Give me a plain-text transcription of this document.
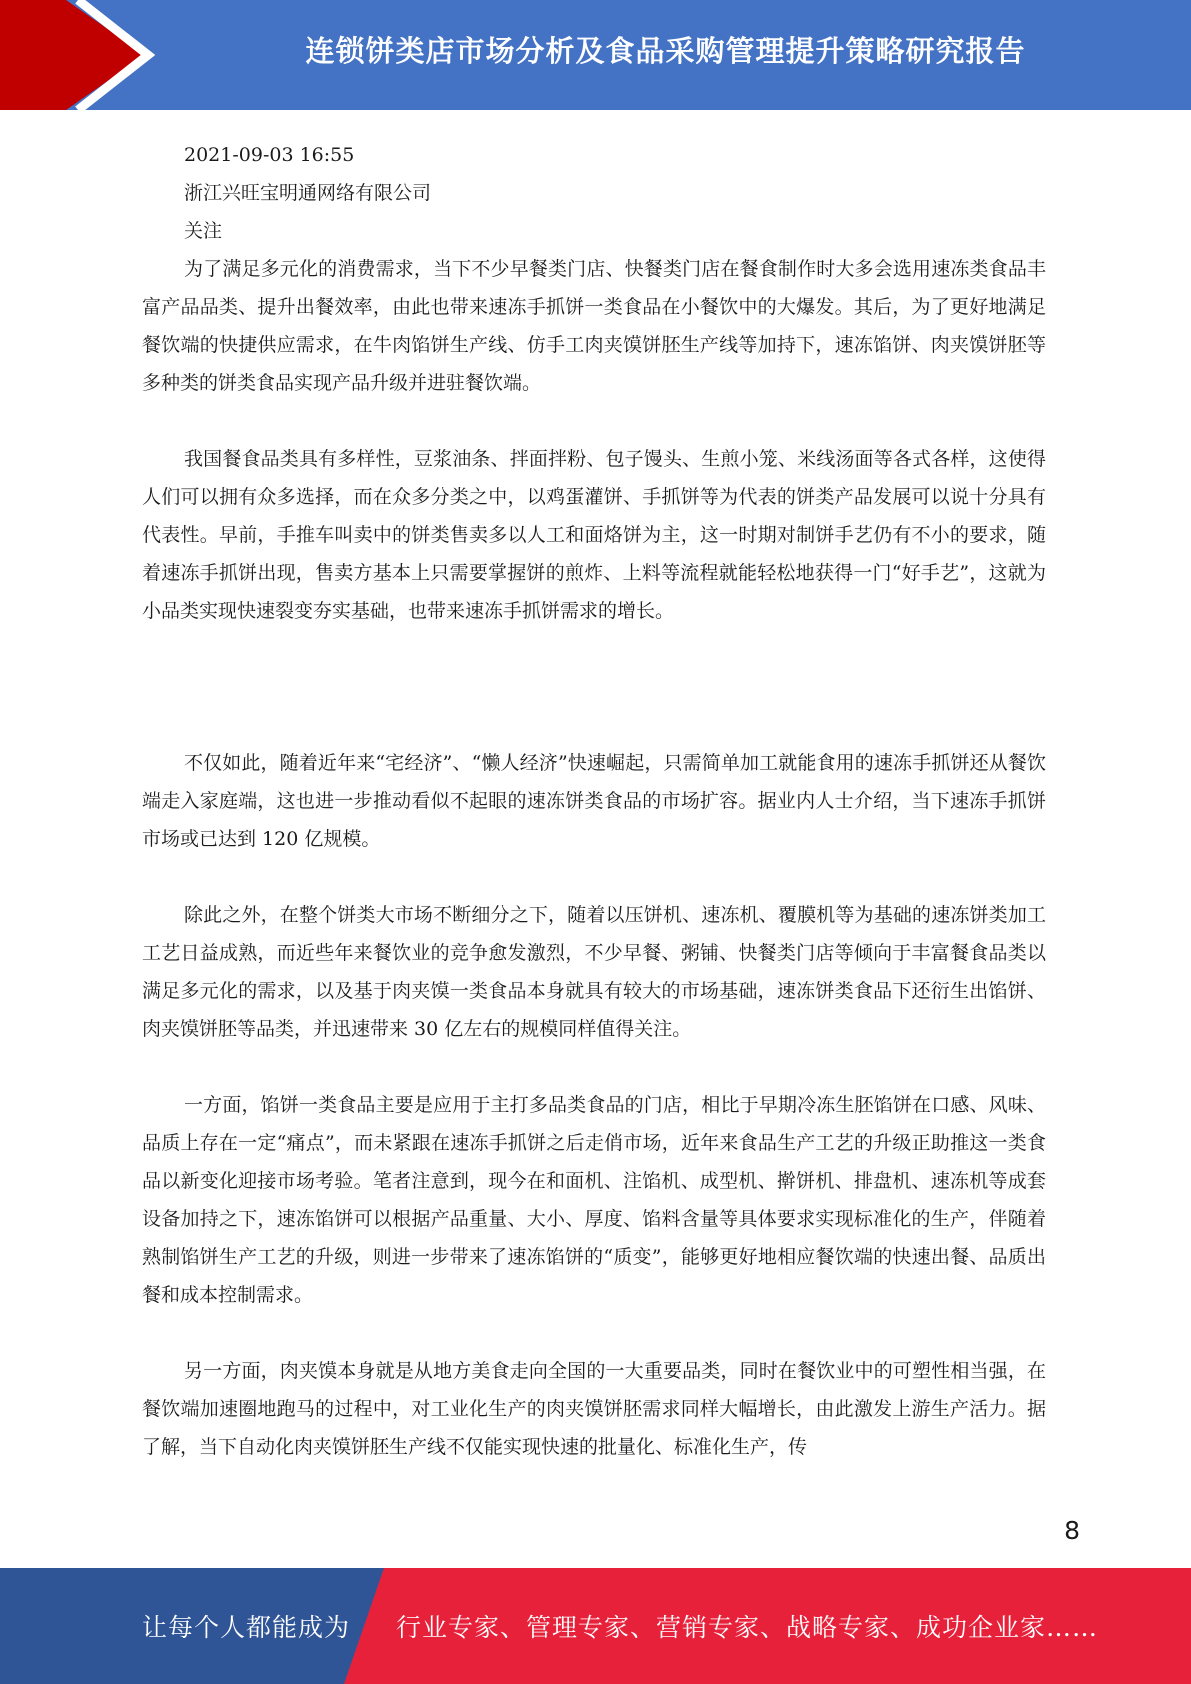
连锁饼类店市场分析及食品采购管理提升策略研究报告
2021-09-03 16:55
浙江兴旺宝明通网络有限公司
关注

为了满足多元化的消费需求，当下不少早餐类门店、快餐类门店在餐食制作时大多会选用速冻类食品丰富产品品类、提升出餐效率，由此也带来速冻手抓饼一类食品在小餐饮中的大爆发。其后，为了更好地满足餐饮端的快捷供应需求，在牛肉馅饼生产线、仿手工肉夹馍饼胚生产线等加持下，速冻馅饼、肉夹馍饼胚等多种类的饼类食品实现产品升级并进驻餐饮端。

我国餐食品类具有多样性，豆浆油条、拌面拌粉、包子馒头、生煎小笼、米线汤面等各式各样，这使得人们可以拥有众多选择，而在众多分类之中，以鸡蛋灌饼、手抓饼等为代表的饼类产品发展可以说十分具有代表性。早前，手推车叫卖中的饼类售卖多以人工和面烙饼为主，这一时期对制饼手艺仍有不小的要求，随着速冻手抓饼出现，售卖方基本上只需要掌握饼的煎炸、上料等流程就能轻松地获得一门“好手艺”，这就为小品类实现快速裂变夯实基础，也带来速冻手抓饼需求的增长。

不仅如此，随着近年来“宅经济”、“懒人经济”快速崛起，只需简单加工就能食用的速冻手抓饼还从餐饮端走入家庭端，这也进一步推动看似不起眼的速冻饼类食品的市场扩容。据业内人士介绍，当下速冻手抓饼市场或已达到 120 亿规模。

除此之外，在整个饼类大市场不断细分之下，随着以压饼机、速冻机、覆膜机等为基础的速冻饼类加工工艺日益成熟，而近些年来餐饮业的竞争愈发激烈，不少早餐、粥铺、快餐类门店等倾向于丰富餐食品类以满足多元化的需求，以及基于肉夹馍一类食品本身就具有较大的市场基础，速冻饼类食品下还衍生出馅饼、肉夹馍饼胚等品类，并迅速带来 30 亿左右的规模同样值得关注。

一方面，馅饼一类食品主要是应用于主打多品类食品的门店，相比于早期冷冻生胚馅饼在口感、风味、品质上存在一定“痛点”，而未紧跟在速冻手抓饼之后走俏市场，近年来食品生产工艺的升级正助推这一类食品以新变化迎接市场考验。笔者注意到，现今在和面机、注馅机、成型机、擀饼机、排盘机、速冻机等成套设备加持之下，速冻馅饼可以根据产品重量、大小、厚度、馅料含量等具体要求实现标准化的生产，伴随着熟制馅饼生产工艺的升级，则进一步带来了速冻馅饼的“质变”，能够更好地相应餐饮端的快速出餐、品质出餐和成本控制需求。

另一方面，肉夹馍本身就是从地方美食走向全国的一大重要品类，同时在餐饮业中的可塑性相当强，在餐饮端加速圈地跑马的过程中，对工业化生产的肉夹馍饼胚需求同样大幅增长，由此激发上游生产活力。据了解，当下自动化肉夹馍饼胚生产线不仅能实现快速的批量化、标准化生产，传

8
让每个人都能成为 行业专家、管理专家、营销专家、战略专家、成功企业家……
